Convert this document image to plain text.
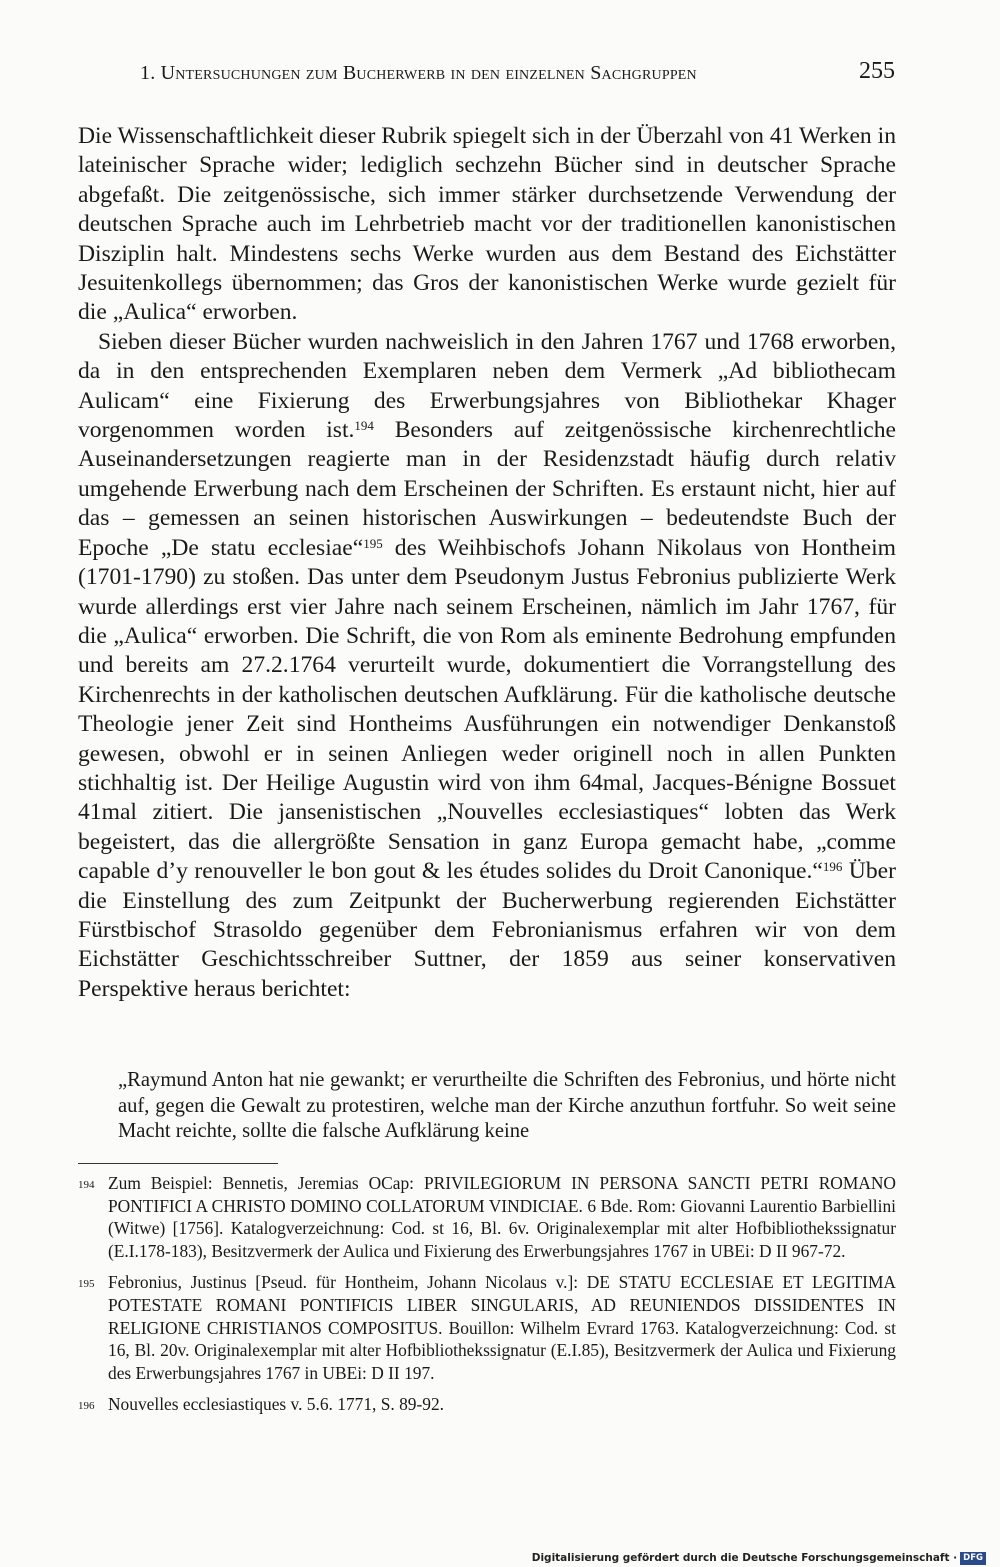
1. Untersuchungen zum Bucherwerb in den einzelnen Sachgruppen	255

Die Wissenschaftlichkeit dieser Rubrik spiegelt sich in der Überzahl von 41 Werken in lateinischer Sprache wider; lediglich sechzehn Bücher sind in deutscher Sprache abgefaßt. Die zeitgenössische, sich immer stärker durchsetzende Verwendung der deutschen Sprache auch im Lehrbetrieb macht vor der traditionellen kanonistischen Disziplin halt. Mindestens sechs Werke wurden aus dem Bestand des Eichstätter Jesuitenkollegs übernommen; das Gros der kanonistischen Werke wurde gezielt für die „Aulica“ erworben.

Sieben dieser Bücher wurden nachweislich in den Jahren 1767 und 1768 erworben, da in den entsprechenden Exemplaren neben dem Vermerk „Ad bibliothecam Aulicam“ eine Fixierung des Erwerbungsjahres von Bibliothekar Khager vorgenommen worden ist.$^{194}$ Besonders auf zeitgenössische kirchenrechtliche Auseinandersetzungen reagierte man in der Residenzstadt häufig durch relativ umgehende Erwerbung nach dem Erscheinen der Schriften. Es erstaunt nicht, hier auf das – gemessen an seinen historischen Auswirkungen – bedeutendste Buch der Epoche „De statu ecclesiae“$^{195}$ des Weihbischofs Johann Nikolaus von Hontheim (1701-1790) zu stoßen. Das unter dem Pseudonym Justus Febronius publizierte Werk wurde allerdings erst vier Jahre nach seinem Erscheinen, nämlich im Jahr 1767, für die „Aulica“ erworben. Die Schrift, die von Rom als eminente Bedrohung empfunden und bereits am 27.2.1764 verurteilt wurde, dokumentiert die Vorrangstellung des Kirchenrechts in der katholischen deutschen Aufklärung. Für die katholische deutsche Theologie jener Zeit sind Hontheims Ausführungen ein notwendiger Denkanstoß gewesen, obwohl er in seinen Anliegen weder originell noch in allen Punkten stichhaltig ist. Der Heilige Augustin wird von ihm 64mal, Jacques-Bénigne Bossuet 41mal zitiert. Die jansenistischen „Nouvelles ecclesiastiques“ lobten das Werk begeistert, das die allergrößte Sensation in ganz Europa gemacht habe, „comme capable d’y renouveller le bon gout & les études solides du Droit Canonique.“$^{196}$ Über die Einstellung des zum Zeitpunkt der Bucherwerbung regierenden Eichstätter Fürstbischof Strasoldo gegenüber dem Febronianismus erfahren wir von dem Eichstätter Geschichtsschreiber Suttner, der 1859 aus seiner konservativen Perspektive heraus berichtet:

„Raymund Anton hat nie gewankt; er verurtheilte die Schriften des Febronius, und hörte nicht auf, gegen die Gewalt zu protestiren, welche man der Kirche anzuthun fortfuhr. So weit seine Macht reichte, sollte die falsche Aufklärung keine
194 Zum Beispiel: Bennetis, Jeremias OCap: PRIVILEGIORUM IN PERSONA SANCTI PETRI ROMANO PONTIFICI A CHRISTO DOMINO COLLATORUM VINDICIAE. 6 Bde. Rom: Giovanni Laurentio Barbiellini (Witwe) [1756]. Katalogverzeichnung: Cod. st 16, Bl. 6v. Originalexemplar mit alter Hofbibliothekssignatur (E.I.178-183), Besitzvermerk der Aulica und Fixierung des Erwerbungsjahres 1767 in UBEi: D II 967-72.
195 Febronius, Justinus [Pseud. für Hontheim, Johann Nicolaus v.]: DE STATU ECCLESIAE ET LEGITIMA POTESTATE ROMANI PONTIFICIS LIBER SINGULARIS, AD REUNIENDOS DISSIDENTES IN RELIGIONE CHRISTIANOS COMPOSITUS. Bouillon: Wilhelm Evrard 1763. Katalogverzeichnung: Cod. st 16, Bl. 20v. Originalexemplar mit alter Hofbibliothekssignatur (E.I.85), Besitzvermerk der Aulica und Fixierung des Erwerbungsjahres 1767 in UBEi: D II 197.
196 Nouvelles ecclesiastiques v. 5.6. 1771, S. 89-92.
Digitalisierung gefördert durch die Deutsche Forschungsgemeinschaft · DFG
